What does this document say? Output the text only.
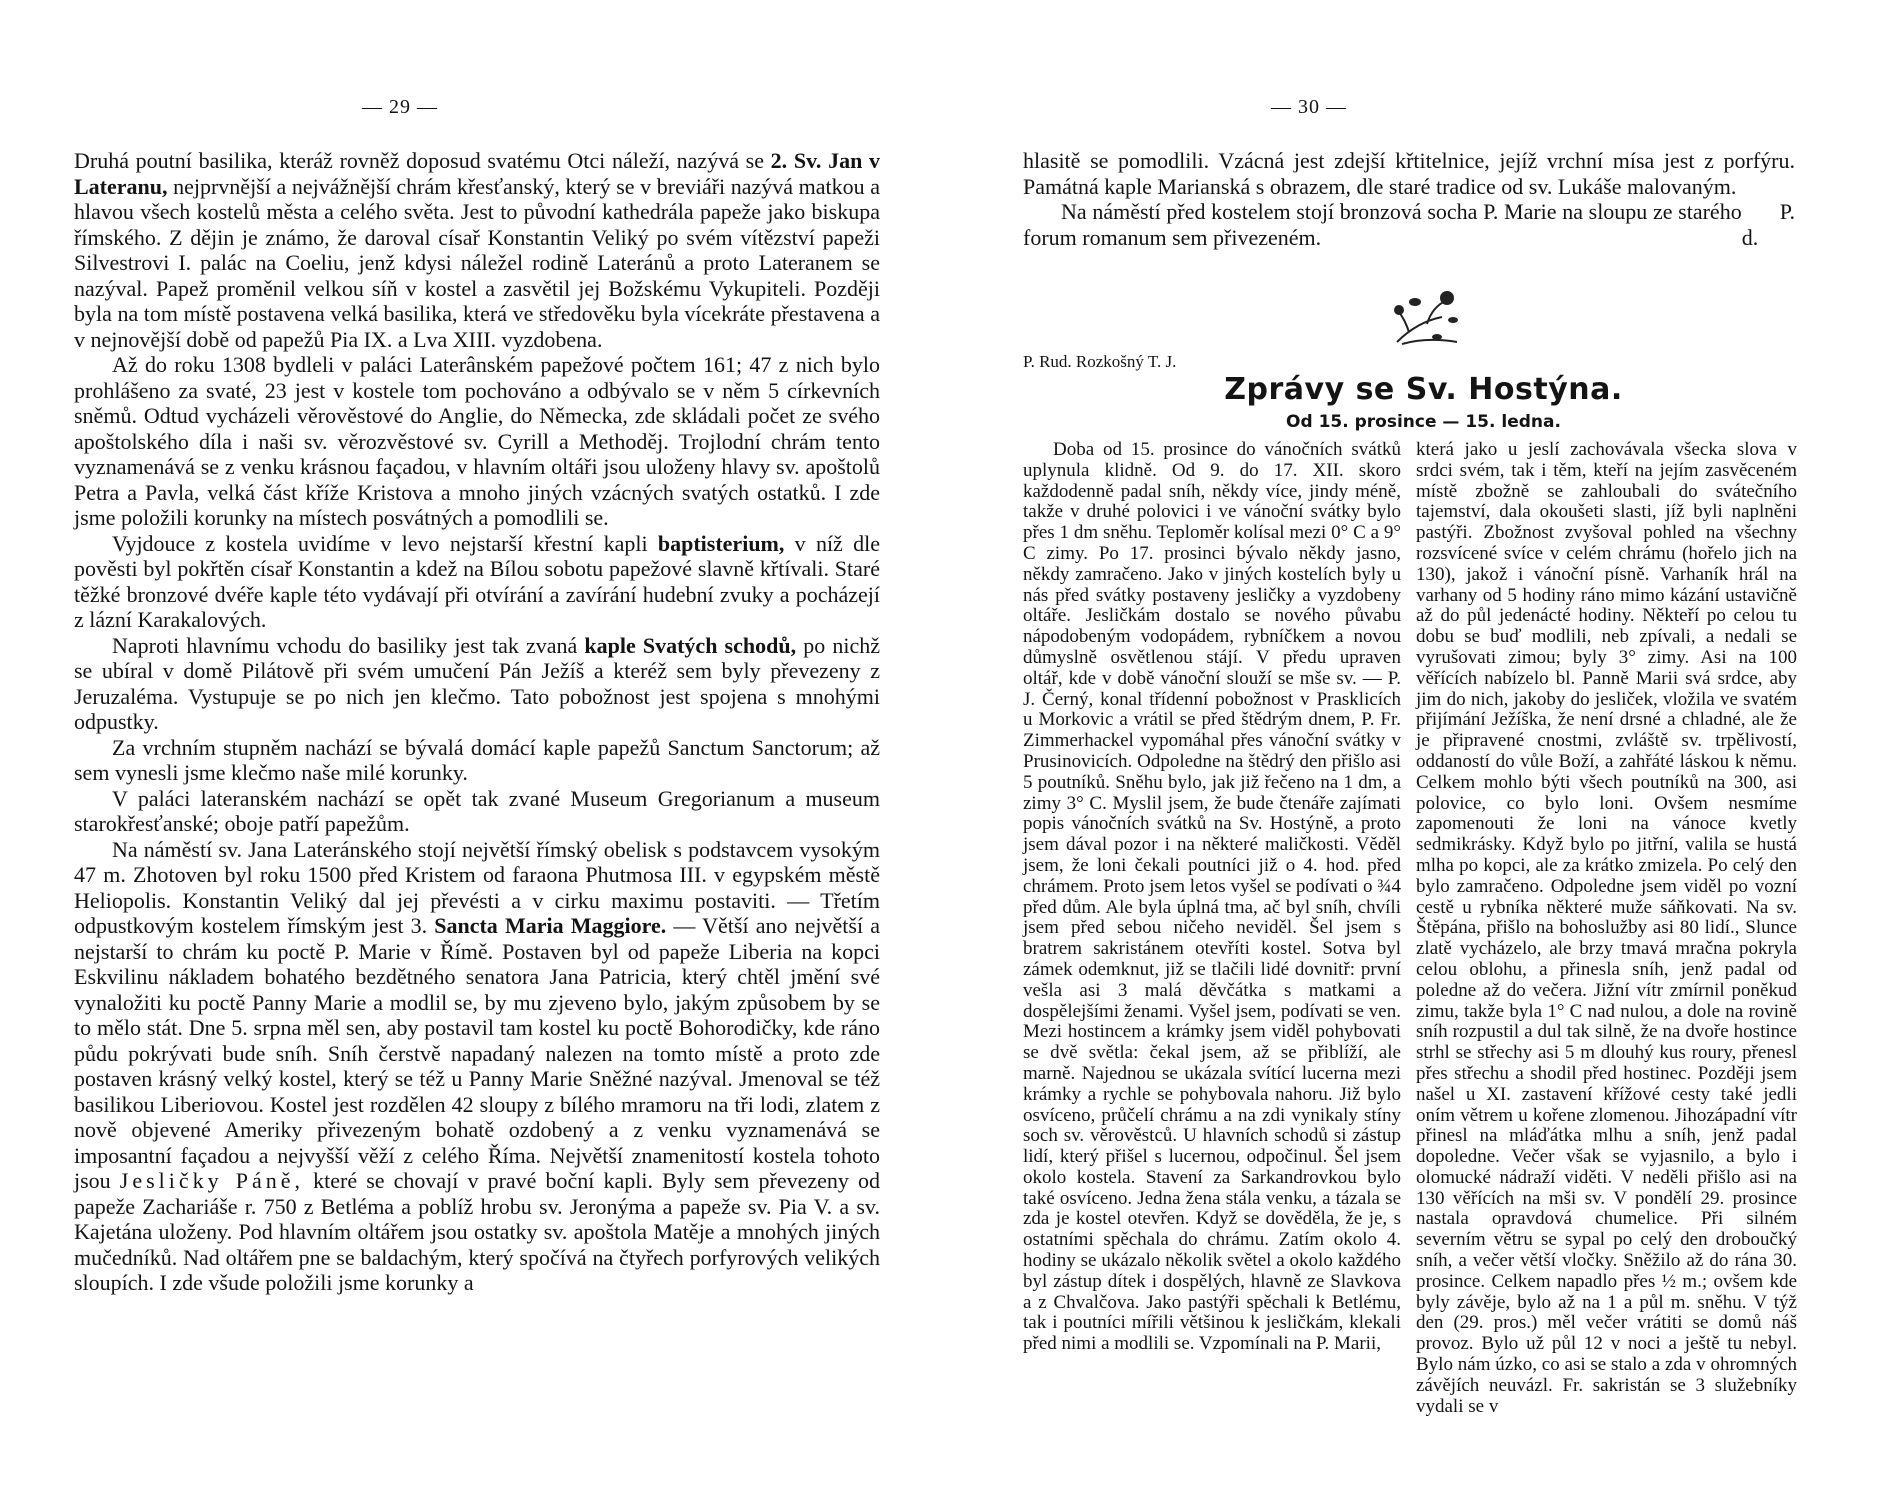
— 29 —

Druhá poutní basilika, kteráž rovněž doposud svatému Otci náleží, nazývá se 2. Sv. Jan v Lateranu, nejprvnější a nejvážnější chrám křesťanský, který se v breviáři nazývá matkou a hlavou všech kostelů města a celého světa. Jest to původní kathedrála papeže jako biskupa římského. Z dějin je známo, že daroval císař Konstantin Veliký po svém vítězství papeži Silvestrovi I. palác na Coeliu, jenž kdysi náležel rodině Lateránů a proto Lateranem se nazýval. Papež proměnil velkou síň v kostel a zasvětil jej Božskému Vykupiteli. Později byla na tom místě postavena velká basilika, která ve středověku byla vícekráte přestavena a v nejnovější době od papežů Pia IX. a Lva XIII. vyzdobena.

Až do roku 1308 bydleli v paláci Laterânském papežové počtem 161; 47 z nich bylo prohlášeno za svaté, 23 jest v kostele tom pochováno a odbývalo se v něm 5 církevních sněmů. Odtud vycházeli věrověstové do Anglie, do Německa, zde skládali počet ze svého apoštolského díla i naši sv. věrozvěstové sv. Cyrill a Methoděj. Trojlodní chrám tento vyznamenává se z venku krásnou façadou, v hlavním oltáři jsou uloženy hlavy sv. apoštolů Petra a Pavla, velká část kříže Kristova a mnoho jiných vzácných svatých ostatků. I zde jsme položili korunky na místech posvátných a pomodlili se.

Vyjdouce z kostela uvidíme v levo nejstarší křestní kapli baptisterium, v níž dle pověsti byl pokřtěn císař Konstantin a kdež na Bílou sobotu papežové slavně křtívali. Staré těžké bronzové dvéře kaple této vydávají při otvírání a zavírání hudební zvuky a pocházejí z lázní Karakalových.

Naproti hlavnímu vchodu do basiliky jest tak zvaná kaple Svatých schodů, po nichž se ubíral v domě Pilátově při svém umučení Pán Ježíš a kteréž sem byly převezeny z Jeruzaléma. Vystupuje se po nich jen klečmo. Tato pobožnost jest spojena s mnohými odpustky.

Za vrchním stupněm nachází se bývalá domácí kaple papežů Sanctum Sanctorum; až sem vynesli jsme klečmo naše milé korunky.

V paláci lateranském nachází se opět tak zvané Museum Gregorianum a museum starokřesťanské; oboje patří papežům.

Na náměstí sv. Jana Lateránského stojí největší římský obelisk s podstavcem vysokým 47 m. Zhotoven byl roku 1500 před Kristem od faraona Phutmosa III. v egypském městě Heliopolis. Konstantin Veliký dal jej převésti a v cirku maximu postaviti. — Třetím odpustkovým kostelem římským jest 3. Sancta Maria Maggiore. — Větší ano největší a nejstarší to chrám ku poctě P. Marie v Římě. Postaven byl od papeže Liberia na kopci Eskvilinu nákladem bohatého bezdětného senatora Jana Patricia, který chtěl jmění své vynaložiti ku poctě Panny Marie a modlil se, by mu zjeveno bylo, jakým způsobem by se to mělo stát. Dne 5. srpna měl sen, aby postavil tam kostel ku poctě Bohorodičky, kde ráno půdu pokrývati bude sníh. Sníh čerstvě napadaný nalezen na tomto místě a proto zde postaven krásný velký kostel, který se též u Panny Marie Sněžné nazýval. Jmenoval se též basilikou Liberiovou. Kostel jest rozdělen 42 sloupy z bílého mramoru na tři lodi, zlatem z nově objevené Ameriky přivezeným bohatě ozdobený a z venku vyznamenává se imposantní façadou a nejvyšší věží z celého Říma. Největší znamenitostí kostela tohoto jsou Jesličky Páně, které se chovají v pravé boční kapli. Byly sem převezeny od papeže Zachariáše r. 750 z Betléma a poblíž hrobu sv. Jeronýma a papeže sv. Pia V. a sv. Kajetána uloženy. Pod hlavním oltářem jsou ostatky sv. apoštola Matěje a mnohých jiných mučedníků. Nad oltářem pne se baldachým, který spočívá na čtyřech porfyrových velikých sloupích. I zde všude položili jsme korunky a

— 30 —

hlasitě se pomodlili. Vzácná jest zdejší křtitelnice, jejíž vrchní mísa jest z porfýru. Památná kaple Marianská s obrazem, dle staré tradice od sv. Lukáše malovaným.

Na náměstí před kostelem stojí bronzová socha P. Marie na sloupu ze starého forum romanum sem přivezeném.
P. d.

P. Rud. Rozkošný T. J.
Zprávy se Sv. Hostýna.
Od 15. prosince — 15. ledna.

Doba od 15. prosince do vánočních svátků uplynula klidně. Od 9. do 17. XII. skoro každodenně padal sníh, někdy více, jindy méně, takže v druhé polovici i ve vánoční svátky bylo přes 1 dm sněhu. Teploměr kolísal mezi 0° C a 9° C zimy. Po 17. prosinci bývalo někdy jasno, někdy zamračeno. Jako v jiných kostelích byly u nás před svátky postaveny jesličky a vyzdobeny oltáře. Jesličkám dostalo se nového půvabu nápodobeným vodopádem, rybníčkem a novou důmyslně osvětlenou stájí. V předu upraven oltář, kde v době vánoční slouží se mše sv. — P. J. Černý, konal třídenní pobožnost v Prasklicích u Morkovic a vrátil se před štědrým dnem, P. Fr. Zimmerhackel vypomáhal přes vánoční svátky v Prusinovicích. Odpoledne na štědrý den přišlo asi 5 poutníků. Sněhu bylo, jak již řečeno na 1 dm, a zimy 3° C. Myslil jsem, že bude čtenáře zajímati popis vánočních svátků na Sv. Hostýně, a proto jsem dával pozor i na některé maličkosti. Věděl jsem, že loni čekali poutníci již o 4. hod. před chrámem. Proto jsem letos vyšel se podívati o ¾4 před dům. Ale byla úplná tma, ač byl sníh, chvíli jsem před sebou ničeho neviděl. Šel jsem s bratrem sakristánem otevříti kostel. Sotva byl zámek odemknut, již se tlačili lidé dovnitř: první vešla asi 3 malá děvčátka s matkami a dospělejšími ženami. Vyšel jsem, podívati se ven. Mezi hostincem a krámky jsem viděl pohybovati se dvě světla: čekal jsem, až se přiblíží, ale marně. Najednou se ukázala svítící lucerna mezi krámky a rychle se pohybovala nahoru. Již bylo osvíceno, průčelí chrámu a na zdi vynikaly stíny soch sv. věrověstců. U hlavních schodů si zástup lidí, který přišel s lucernou, odpočinul. Šel jsem okolo kostela. Stavení za Sarkandrovkou bylo také osvíceno. Jedna žena stála venku, a tázala se zda je kostel otevřen. Když se dověděla, že je, s ostatními spěchala do chrámu. Zatím okolo 4. hodiny se ukázalo několik světel a okolo každého byl zástup dítek i dospělých, hlavně ze Slavkova a z Chvalčova. Jako pastýři spěchali k Betlému, tak i poutníci mířili většinou k jesličkám, klekali před nimi a modlili se. Vzpomínali na P. Marii,

která jako u jeslí zachovávala všecka slova v srdci svém, tak i těm, kteří na jejím zasvěceném místě zbožně se zahloubali do svátečního tajemství, dala okoušeti slasti, jíž byli naplněni pastýři. Zbožnost zvyšoval pohled na všechny rozsvícené svíce v celém chrámu (hořelo jich na 130), jakož i vánoční písně. Varhaník hrál na varhany od 5 hodiny ráno mimo kázání ustavičně až do půl jedenácté hodiny. Někteří po celou tu dobu se buď modlili, neb zpívali, a nedali se vyrušovati zimou; byly 3° zimy. Asi na 100 věřících nabízelo bl. Panně Marii svá srdce, aby jim do nich, jakoby do jesliček, vložila ve svatém přijímání Ježíška, že není drsné a chladné, ale že je připravené cnostmi, zvláště sv. trpělivostí, oddaností do vůle Boží, a zahřáté láskou k němu. Celkem mohlo býti všech poutníků na 300, asi polovice, co bylo loni. Ovšem nesmíme zapomenouti že loni na vánoce kvetly sedmikrásky. Když bylo po jitřní, valila se hustá mlha po kopci, ale za krátko zmizela. Po celý den bylo zamračeno. Odpoledne jsem viděl po vozní cestě u rybníka některé muže sáňkovati. Na sv. Štěpána, přišlo na bohoslužby asi 80 lidí., Slunce zlatě vycházelo, ale brzy tmavá mračna pokryla celou oblohu, a přinesla sníh, jenž padal od poledne až do večera. Jižní vítr zmírnil poněkud zimu, takže byla 1° C nad nulou, a dole na rovině sníh rozpustil a dul tak silně, že na dvoře hostince strhl se střechy asi 5 m dlouhý kus roury, přenesl přes střechu a shodil před hostinec. Později jsem našel u XI. zastavení křížové cesty také jedli oním větrem u kořene zlomenou. Jihozápadní vítr přinesl na mláďátka mlhu a sníh, jenž padal dopoledne. Večer však se vyjasnilo, a bylo i olomucké nádraží viděti. V neděli přišlo asi na 130 věřících na mši sv. V pondělí 29. prosince nastala opravdová chumelice. Při silném severním větru se sypal po celý den droboučký sníh, a večer větší vločky. Sněžilo až do rána 30. prosince. Celkem napadlo přes ½ m.; ovšem kde byly závěje, bylo až na 1 a půl m. sněhu. V týž den (29. pros.) měl večer vrátiti se domů náš provoz. Bylo už půl 12 v noci a ještě tu nebyl. Bylo nám úzko, co asi se stalo a zda v ohromných závějích neuvázl. Fr. sakristán se 3 služebníky vydali se v
